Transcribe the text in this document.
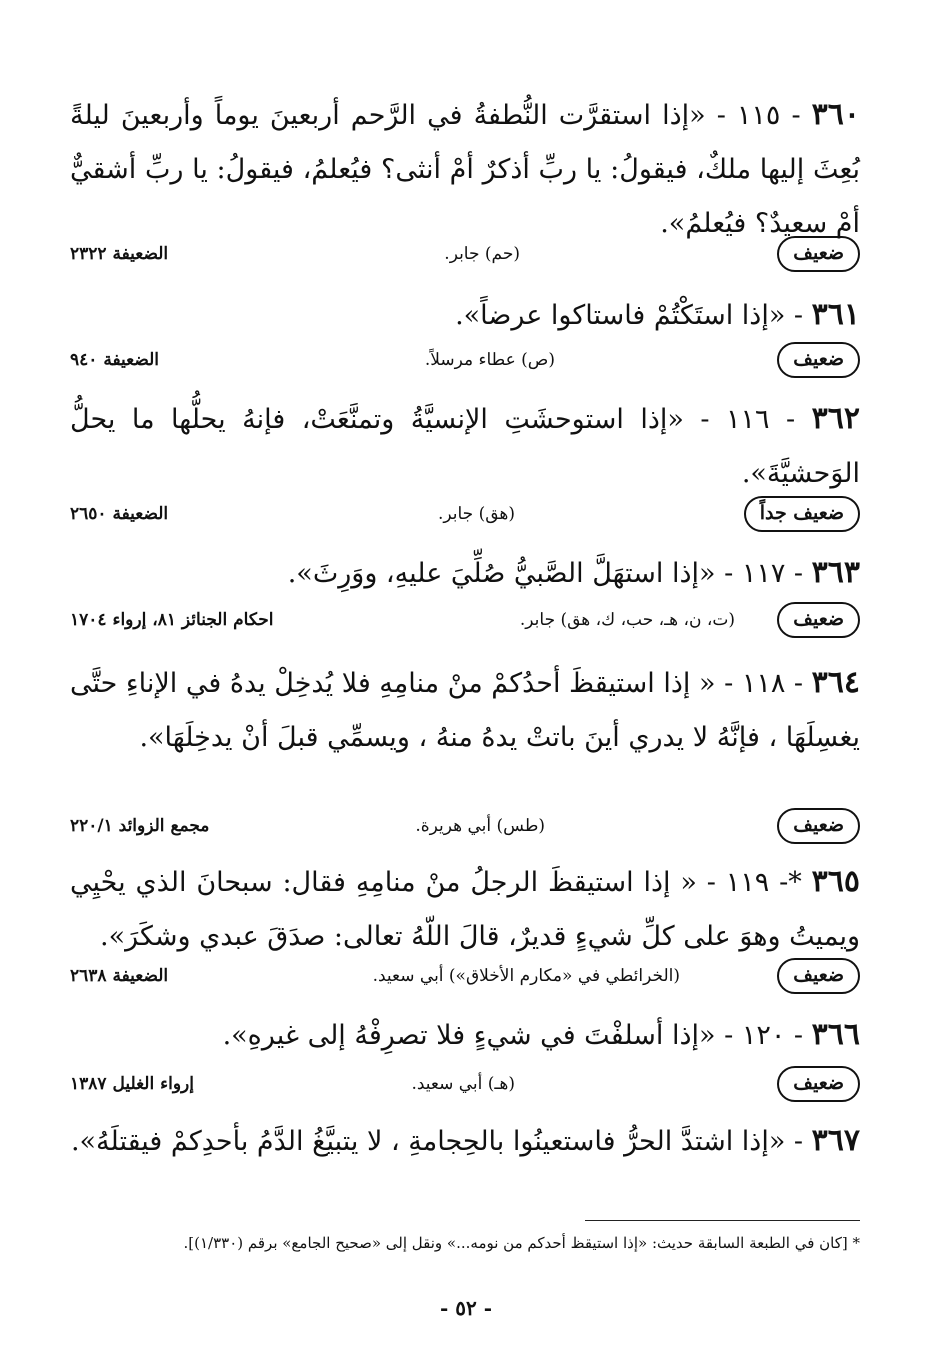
٣٦٠ - ١١٥ - «إذا استقرَّت النُّطفةُ في الرَّحم أربعينَ يوماً وأربعينَ ليلةً بُعِثَ إليها ملكٌ، فيقولُ: يا ربِّ أذكرٌ أمْ أنثى؟ فيُعلمُ، فيقولُ: يا ربِّ أشقيٌّ أمْ سعيدٌ؟ فيُعلمُ».
ضعيف
(حم) جابر.
الضعيفة ٢٣٢٢
٣٦١ - «إذا استَكْتُمْ فاستاكوا عرضاً».
ضعيف
(ص) عطاء مرسلاً.
الضعيفة ٩٤٠
٣٦٢ - ١١٦ - «إذا استوحشَتِ الإنسيَّةُ وتمنَّعَتْ، فإنهُ يحلُّها ما يحلُّ الوَحشيَّةَ».
ضعيف جداً
(هق) جابر.
الضعيفة ٢٦٥٠
٣٦٣ - ١١٧ - «إذا استهَلَّ الصَّبيُّ صُلِّيَ عليهِ، ووَرِثَ».
ضعيف
(ت، ن، هـ، حب، ك، هق) جابر.
احكام الجنائز ٨١، إرواء ١٧٠٤
٣٦٤ - ١١٨ - « إذا استيقظَ أحدُكمْ منْ منامِهِ فلا يُدخِلْ يدهُ في الإناءِ حتَّى يغسِلَهَا ، فإنَّهُ لا يدري أينَ باتتْ يدهُ منهُ ، ويسمِّي قبلَ أنْ يدخِلَهَا».
ضعيف
(طس) أبي هريرة.
مجمع الزوائد ٢٢٠/١
٣٦٥ *- ١١٩ - « إذا استيقظَ الرجلُ منْ منامِهِ فقال: سبحانَ الذي يحْيِي ويميتُ وهوَ على كلِّ شيءٍ قديرٌ، قالَ اللّهُ تعالى: صدَقَ عبدي وشكَرَ».
ضعيف
(الخرائطي في «مكارم الأخلاق») أبي سعيد.
الضعيفة ٢٦٣٨
٣٦٦ - ١٢٠ - «إذا أسلفْتَ في شيءٍ فلا تصرِفْهُ إلى غيرهِ».
ضعيف
(هـ) أبي سعيد.
إرواء الغليل ١٣٨٧
٣٦٧ - «إذا اشتدَّ الحرُّ فاستعينُوا بالحِجامةِ ، لا يتبيَّغُ الدَّمُ بأحدِكمْ فيقتلَهُ».
* [كان في الطبعة السابقة حديث: «إذا استيقظ أحدكم من نومه...» ونقل إلى «صحيح الجامع» برقم (١/٣٣٠)].
- ٥٢ -
